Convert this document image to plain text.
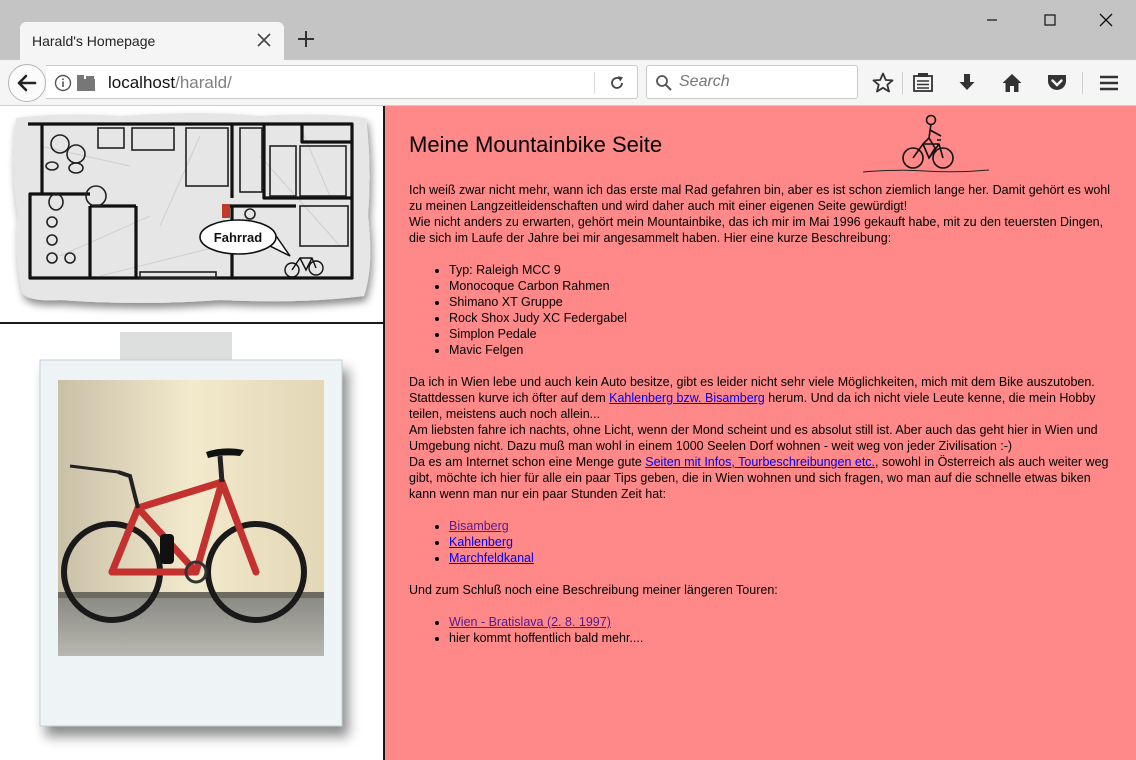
Harald's Homepage
localhost/harald/	Search
Fahrrad
Meine Mountainbike Seite

Ich weiß zwar nicht mehr, wann ich das erste mal Rad gefahren bin, aber es ist schon ziemlich lange her. Damit gehört es wohl zu meinen Langzeitleidenschaften und wird daher auch mit einer eigenen Seite gewürdigt!
Wie nicht anders zu erwarten, gehört mein Mountainbike, das ich mir im Mai 1996 gekauft habe, mit zu den teuersten Dingen, die sich im Laufe der Jahre bei mir angesammelt haben. Hier eine kurze Beschreibung:

• Typ: Raleigh MCC 9
• Monocoque Carbon Rahmen
• Shimano XT Gruppe
• Rock Shox Judy XC Federgabel
• Simplon Pedale
• Mavic Felgen

Da ich in Wien lebe und auch kein Auto besitze, gibt es leider nicht sehr viele Möglichkeiten, mich mit dem Bike auszutoben. Stattdessen kurve ich öfter auf dem Kahlenberg bzw. Bisamberg herum. Und da ich nicht viele Leute kenne, die mein Hobby teilen, meistens auch noch allein...
Am liebsten fahre ich nachts, ohne Licht, wenn der Mond scheint und es absolut still ist. Aber auch das geht hier in Wien und Umgebung nicht. Dazu muß man wohl in einem 1000 Seelen Dorf wohnen - weit weg von jeder Zivilisation :-)
Da es am Internet schon eine Menge gute Seiten mit Infos, Tourbeschreibungen etc., sowohl in Österreich als auch weiter weg gibt, möchte ich hier für alle ein paar Tips geben, die in Wien wohnen und sich fragen, wo man auf die schnelle etwas biken kann wenn man nur ein paar Stunden Zeit hat:

• Bisamberg
• Kahlenberg
• Marchfeldkanal

Und zum Schluß noch eine Beschreibung meiner längeren Touren:

• Wien - Bratislava (2. 8. 1997)
• hier kommt hoffentlich bald mehr....
